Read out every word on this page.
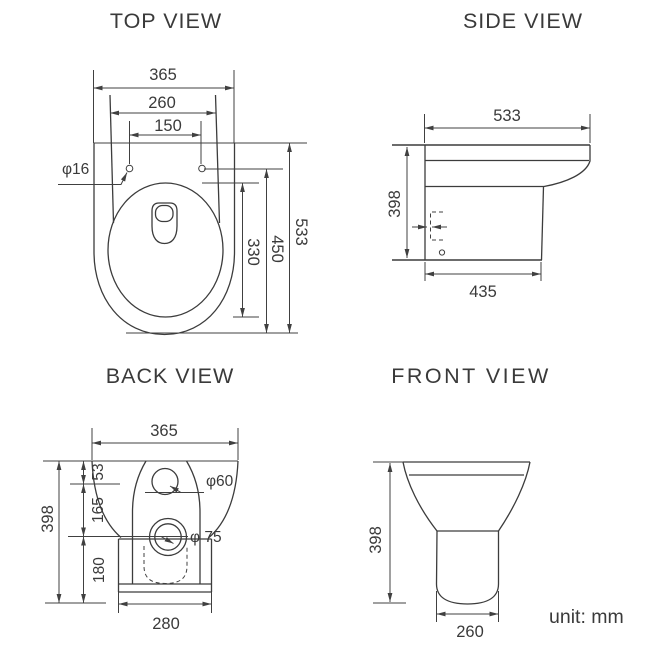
TOP VIEW
365
260
150
φ16
330 450
533
SIDE VIEW
533
398
435
BACK VIEW
365
398
53
165
180
φ60
φ 75
280
FRONT VIEW
398
260
unit: mm
